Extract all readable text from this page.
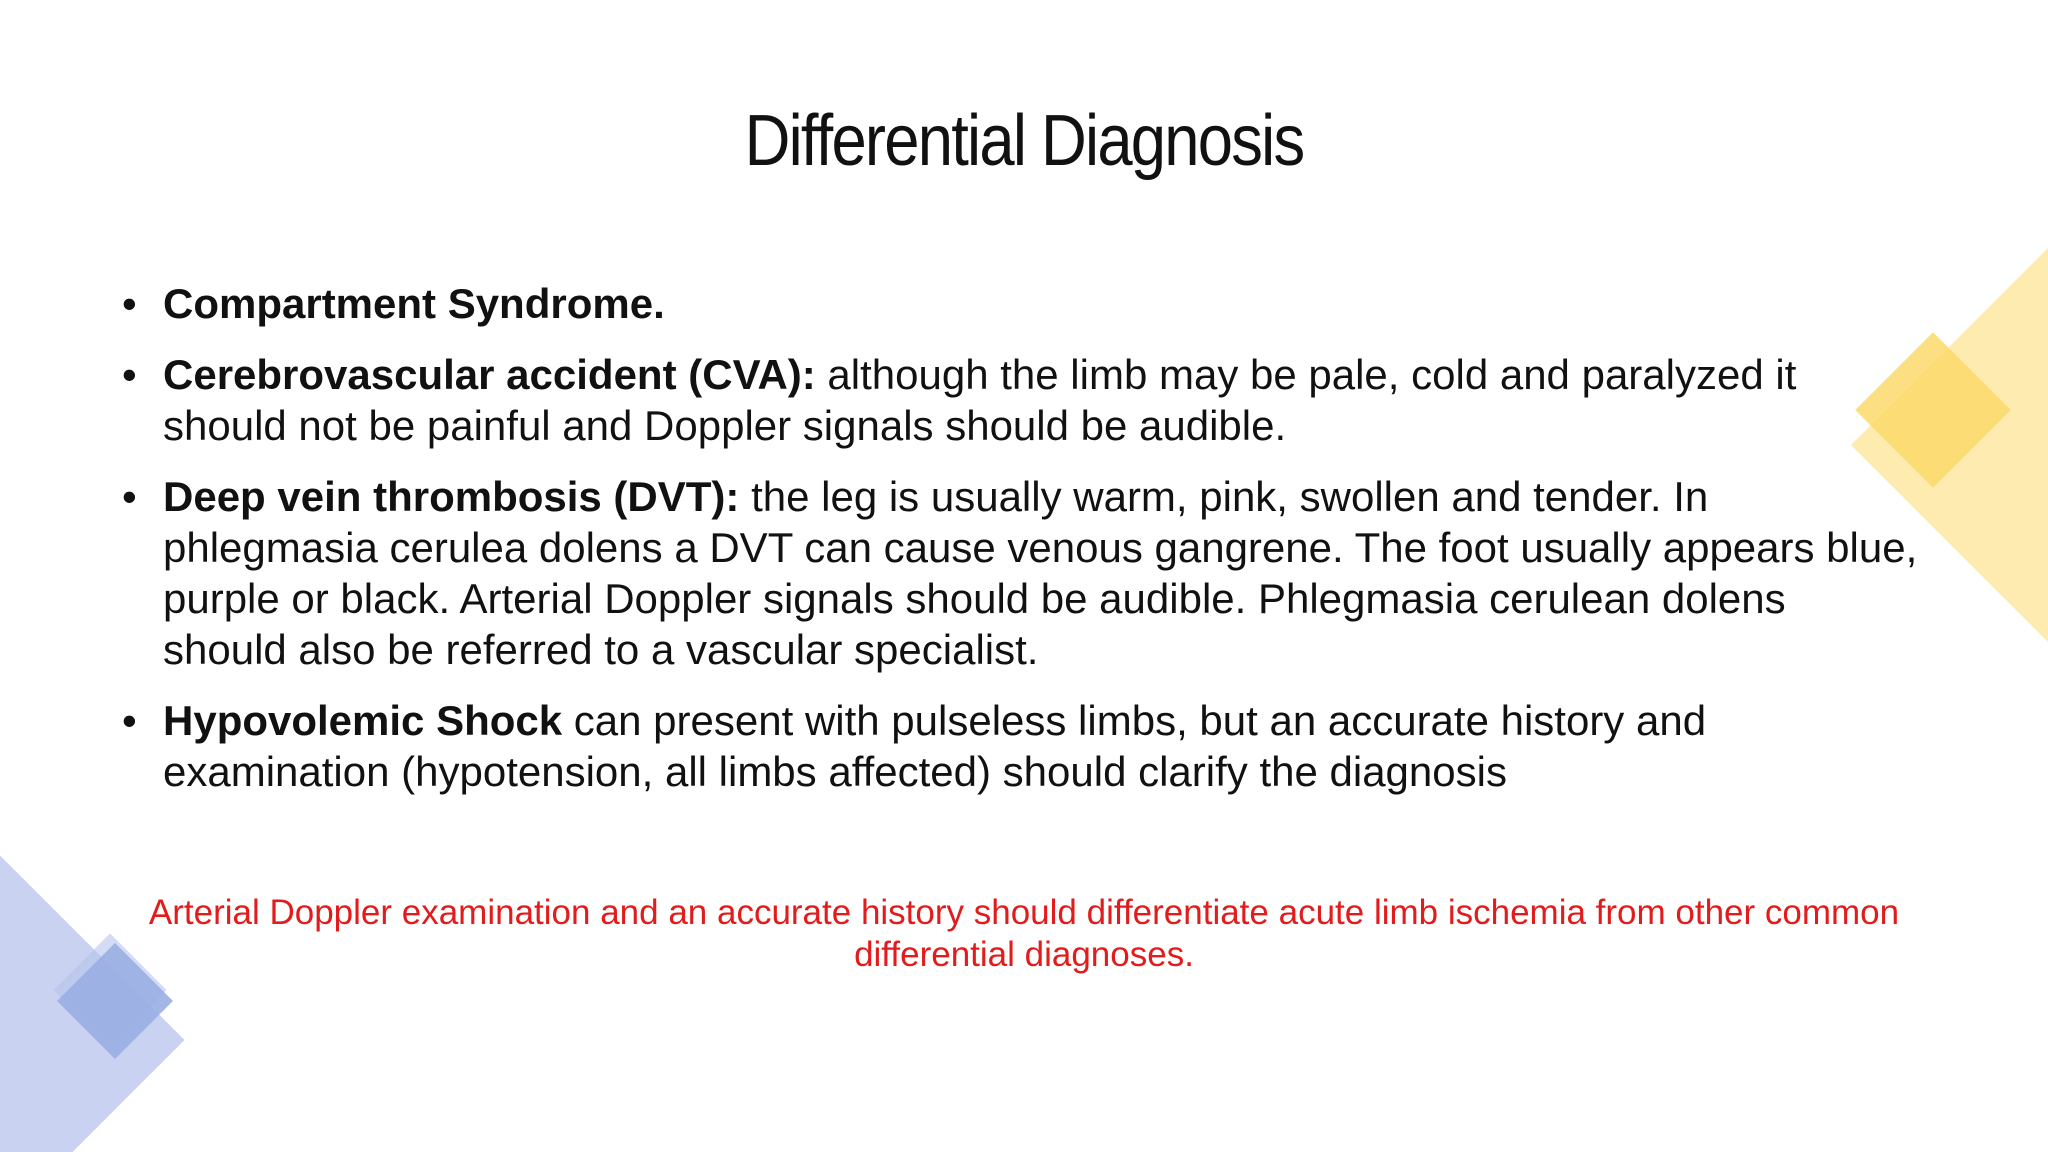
Differential Diagnosis
• Compartment Syndrome.
• Cerebrovascular accident (CVA): although the limb may be pale, cold and paralyzed it should not be painful and Doppler signals should be audible.
• Deep vein thrombosis (DVT): the leg is usually warm, pink, swollen and tender. In phlegmasia cerulea dolens a DVT can cause venous gangrene. The foot usually appears blue, purple or black. Arterial Doppler signals should be audible. Phlegmasia cerulean dolens should also be referred to a vascular specialist.
• Hypovolemic Shock can present with pulseless limbs, but an accurate history and examination (hypotension, all limbs affected) should clarify the diagnosis
Arterial Doppler examination and an accurate history should differentiate acute limb ischemia from other common differential diagnoses.
